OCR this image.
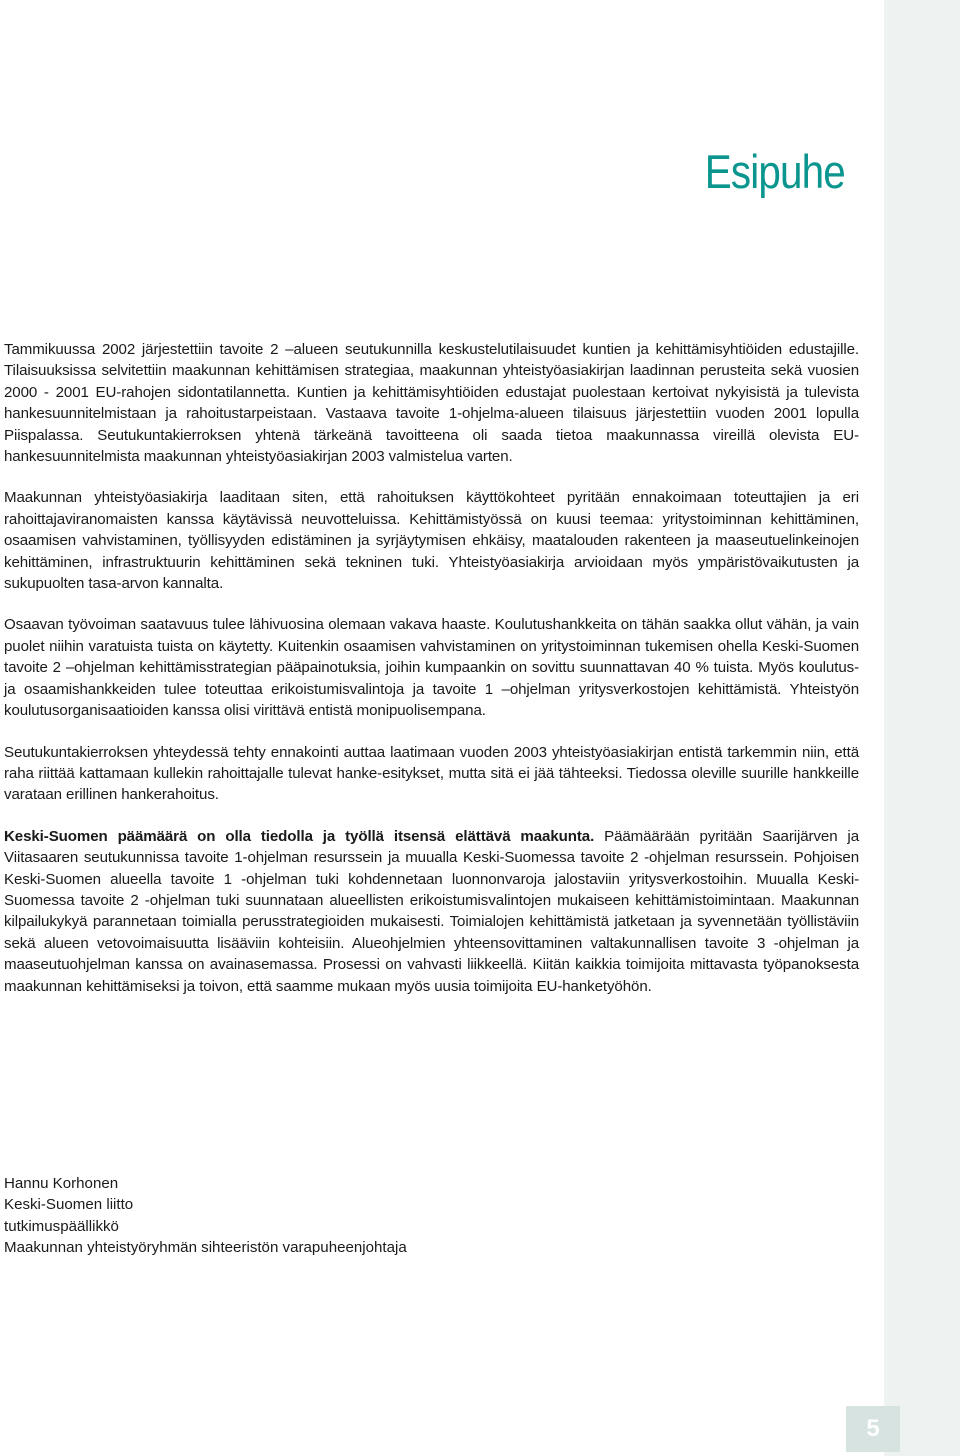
Esipuhe

Tammikuussa 2002 järjestettiin tavoite 2 –alueen seutukunnilla keskustelutilaisuudet kuntien ja kehittämisyhtiöiden edustajille. Tilaisuuksissa selvitettiin maakunnan kehittämisen strategiaa, maakunnan yhteistyöasiakirjan laadinnan perusteita sekä vuosien 2000 - 2001 EU-rahojen sidontatilannetta. Kuntien ja kehittämisyhtiöiden edustajat puolestaan kertoivat nykyisistä ja tulevista hankesuunnitelmistaan ja rahoitustarpeistaan. Vastaava tavoite 1-ohjelma-alueen tilaisuus järjestettiin vuoden 2001 lopulla Piispalassa. Seutukuntakierroksen yhtenä tärkeänä tavoitteena oli saada tietoa maakunnassa vireillä olevista EU-hankesuunnitelmista maakunnan yhteistyöasiakirjan 2003 valmistelua varten.

Maakunnan yhteistyöasiakirja laaditaan siten, että rahoituksen käyttökohteet pyritään ennakoimaan toteuttajien ja eri rahoittajaviranomaisten kanssa käytävissä neuvotteluissa. Kehittämistyössä on kuusi teemaa: yritystoiminnan kehittäminen, osaamisen vahvistaminen, työllisyyden edistäminen ja syrjäytymisen ehkäisy, maatalouden rakenteen ja maaseutuelinkeinojen kehittäminen, infrastruktuurin kehittäminen sekä tekninen tuki. Yhteistyöasiakirja arvioidaan myös ympäristövaikutusten ja sukupuolten tasa-arvon kannalta.

Osaavan työvoiman saatavuus tulee lähivuosina olemaan vakava haaste. Koulutushankkeita on tähän saakka ollut vähän, ja vain puolet niihin varatuista tuista on käytetty. Kuitenkin osaamisen vahvistaminen on yritystoiminnan tukemisen ohella Keski-Suomen tavoite 2 –ohjelman kehittämisstrategian pääpainotuksia, joihin kumpaankin on sovittu suunnattavan 40 % tuista. Myös koulutus- ja osaamishankkeiden tulee toteuttaa erikoistumisvalintoja ja tavoite 1 –ohjelman yritysverkostojen kehittämistä. Yhteistyön koulutusorganisaatioiden kanssa olisi virittävä entistä monipuolisempana.

Seutukuntakierroksen yhteydessä tehty ennakointi auttaa laatimaan vuoden 2003 yhteistyöasiakirjan entistä tarkemmin niin, että raha riittää kattamaan kullekin rahoittajalle tulevat hanke-esitykset, mutta sitä ei jää tähteeksi. Tiedossa oleville suurille hankkeille varataan erillinen hankerahoitus.

Keski-Suomen päämäärä on olla tiedolla ja työllä itsensä elättävä maakunta. Päämäärään pyritään Saarijärven ja Viitasaaren seutukunnissa tavoite 1-ohjelman resurssein ja muualla Keski-Suomessa tavoite 2 -ohjelman resurssein. Pohjoisen Keski-Suomen alueella tavoite 1 -ohjelman tuki kohdennetaan luonnonvaroja jalostaviin yritysverkostoihin. Muualla Keski-Suomessa tavoite 2 -ohjelman tuki suunnataan alueellisten erikoistumisvalintojen mukaiseen kehittämistoimintaan. Maakunnan kilpailukykyä parannetaan toimialla perusstrategioiden mukaisesti. Toimialojen kehittämistä jatketaan ja syvennetään työllistäviin sekä alueen vetovoimaisuutta lisääviin kohteisiin. Alueohjelmien yhteensovittaminen valtakunnallisen tavoite 3 -ohjelman ja maaseutuohjelman kanssa on avainasemassa. Prosessi on vahvasti liikkeellä. Kiitän kaikkia toimijoita mittavasta työpanoksesta maakunnan kehittämiseksi ja toivon, että saamme mukaan myös uusia toimijoita EU-hanketyöhön.

Hannu Korhonen
Keski-Suomen liitto
tutkimuspäällikkö
Maakunnan yhteistyöryhmän sihteeristön varapuheenjohtaja
5
